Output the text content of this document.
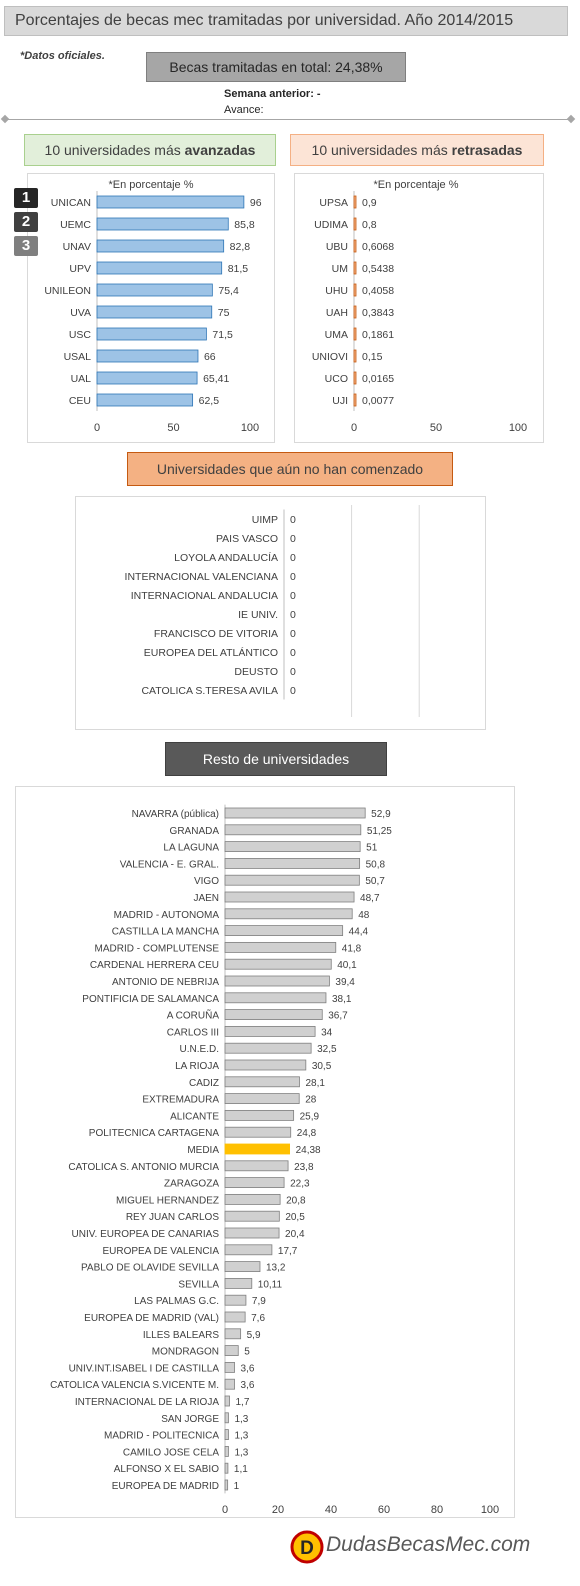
Porcentajes de becas mec tramitadas por universidad. Año 2014/2015
*Datos oficiales.
Becas tramitadas en total: 24,38%
Semana anterior: -
Avance:
10 universidades más avanzadas	10 universidades más retrasadas
*En porcentaje %
UNICAN	96
UEMC	85,8
UNAV	82,8
UPV	81,5
UNILEON	75,4
UVA	75
USC	71,5
USAL	66
UAL	65,41
CEU	62,5
0	50	100
1
2
3
*En porcentaje %
UPSA 0,9
UDIMA 0,8
UBU 0,6068
UM 0,5438
UHU 0,4058
UAH 0,3843
UMA 0,1861
UNIOVI 0,15
UCO 0,0165
UJI 0,0077
0	50	100
Universidades que aún no han comenzado
UIMP 0
PAIS VASCO 0
LOYOLA ANDALUCÍA 0
INTERNACIONAL VALENCIANA 0
INTERNACIONAL ANDALUCIA 0
IE UNIV. 0
FRANCISCO DE VITORIA 0
EUROPEA DEL ATLÁNTICO 0
DEUSTO 0
CATOLICA S.TERESA AVILA 0
Resto de universidades
NAVARRA (pública)	52,9
GRANADA	51,25
LA LAGUNA	51
VALENCIA - E. GRAL.	50,8
VIGO	50,7
JAEN	48,7
MADRID - AUTONOMA	48
CASTILLA LA MANCHA	44,4
MADRID - COMPLUTENSE	41,8
CARDENAL HERRERA CEU	40,1
ANTONIO DE NEBRIJA	39,4
PONTIFICIA DE SALAMANCA	38,1
A CORUÑA	36,7
CARLOS III	34
U.N.E.D.	32,5
LA RIOJA	30,5
CADIZ	28,1
EXTREMADURA	28
ALICANTE	25,9
POLITECNICA CARTAGENA	24,8
MEDIA	24,38
CATOLICA S. ANTONIO MURCIA	23,8
ZARAGOZA	22,3
MIGUEL HERNANDEZ	20,8
REY JUAN CARLOS	20,5
UNIV. EUROPEA DE CANARIAS	20,4
EUROPEA DE VALENCIA	17,7
PABLO DE OLAVIDE SEVILLA	13,2
SEVILLA	10,11
LAS PALMAS G.C.	7,9
EUROPEA DE MADRID (VAL)	7,6
ILLES BALEARS	5,9
MONDRAGON	5
UNIV.INT.ISABEL I DE CASTILLA 3,6
CATOLICA VALENCIA S.VICENTE M. 3,6
INTERNACIONAL DE LA RIOJA 1,7
SAN JORGE 1,3
MADRID - POLITECNICA 1,3
CAMILO JOSE CELA 1,3
ALFONSO X EL SABIO 1,1
EUROPEA DE MADRID 1
0	20	40	60	80	100
D DudasBecasMec.com
